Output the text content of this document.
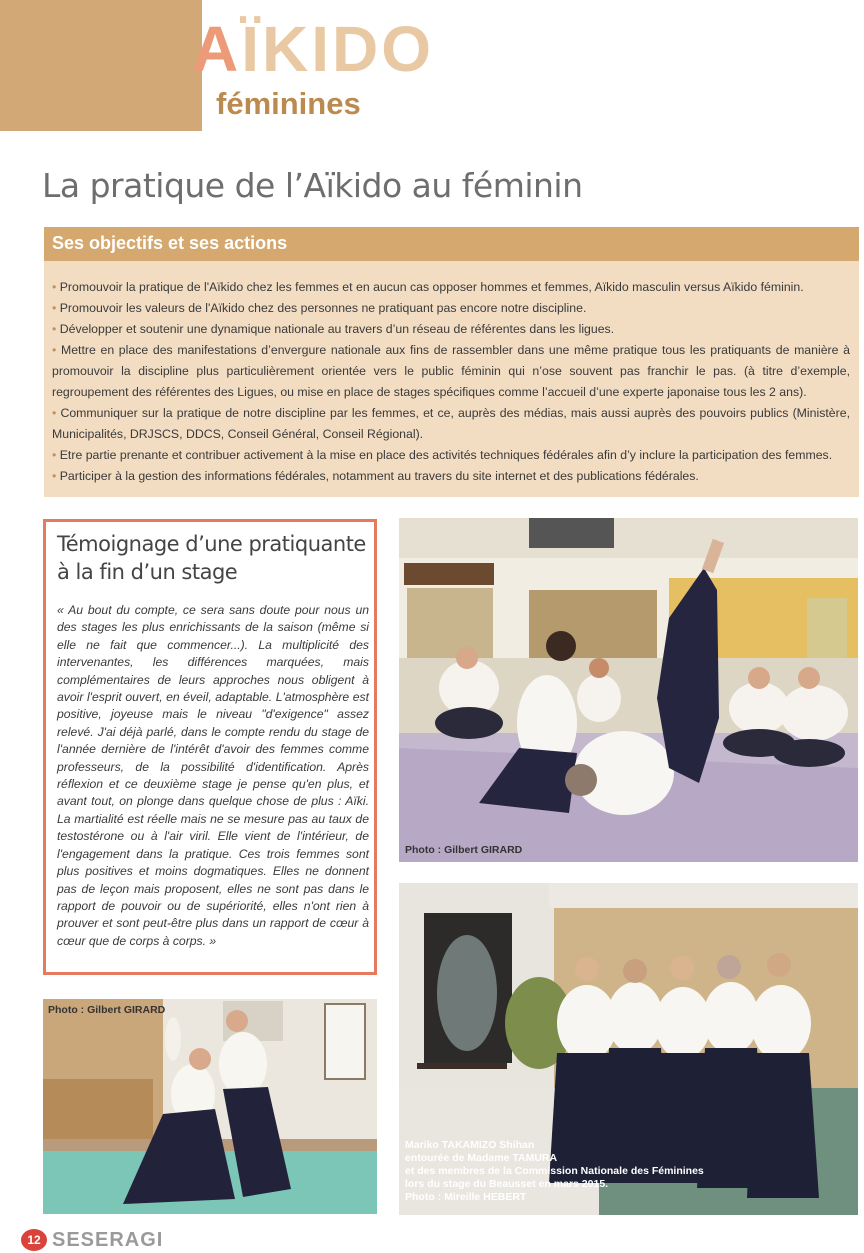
AÏKIDO
féminines
La pratique de l’Aïkido au féminin
Ses objectifs et ses actions
• Promouvoir la pratique de l'Aïkido chez les femmes et en aucun cas opposer hommes et femmes, Aïkido masculin versus Aïkido féminin.
• Promouvoir les valeurs de l'Aïkido chez des personnes ne pratiquant pas encore notre discipline.
• Développer et soutenir une dynamique nationale au travers d’un réseau de référentes dans les ligues.
• Mettre en place des manifestations d’envergure nationale aux fins de rassembler dans une même pratique tous les pratiquants de manière à promouvoir la discipline plus particulièrement orientée vers le public féminin qui n’ose souvent pas franchir le pas. (à titre d’exemple, regroupement des référentes des Ligues, ou mise en place de stages spécifiques comme l’accueil d’une experte japonaise tous les 2 ans).
• Communiquer sur la pratique de notre discipline par les femmes, et ce, auprès des médias, mais aussi auprès des pouvoirs publics (Ministère, Municipalités, DRJSCS, DDCS, Conseil Général, Conseil Régional).
• Etre partie prenante et contribuer activement à la mise en place des activités techniques fédérales afin d’y inclure la participation des femmes.
• Participer à la gestion des informations fédérales, notamment au travers du site internet et des publications fédérales.
Témoignage d’une pratiquante
à la fin d’un stage

« Au bout du compte, ce sera sans doute pour nous un des stages les plus enrichissants de la saison (même si elle ne fait que commencer...). La multiplicité des intervenantes, les différences marquées, mais complémentaires de leurs approches nous obligent à avoir l'esprit ouvert, en éveil, adaptable. L'atmosphère est positive, joyeuse mais le niveau "d'exigence" assez relevé. J'ai déjà parlé, dans le compte rendu du stage de l'année dernière de l'intérêt d'avoir des femmes comme professeurs, de la possibilité d'identification. Après réflexion et ce deuxième stage je pense qu'en plus, et avant tout, on plonge dans quelque chose de plus : Aïki. La martialité est réelle mais ne se mesure pas au taux de testostérone ou à l'air viril. Elle vient de l'intérieur, de l'engagement dans la pratique. Ces trois femmes sont plus positives et moins dogmatiques. Elles ne donnent pas de leçon mais proposent, elles ne sont pas dans le rapport de pouvoir ou de supériorité, elles n'ont rien à prouver et sont peut-être plus dans un rapport de cœur à cœur que de corps à corps. »

Photo : Gilbert GIRARD
Mariko TAKAMIZO Shihan
entourée de Madame TAMURA
et des membres de la Commission Nationale des Féminines
lors du stage du Beausset en mars 2015.
Photo : Mireille HEBERT
Photo : Gilbert GIRARD
12 SESERAGI
